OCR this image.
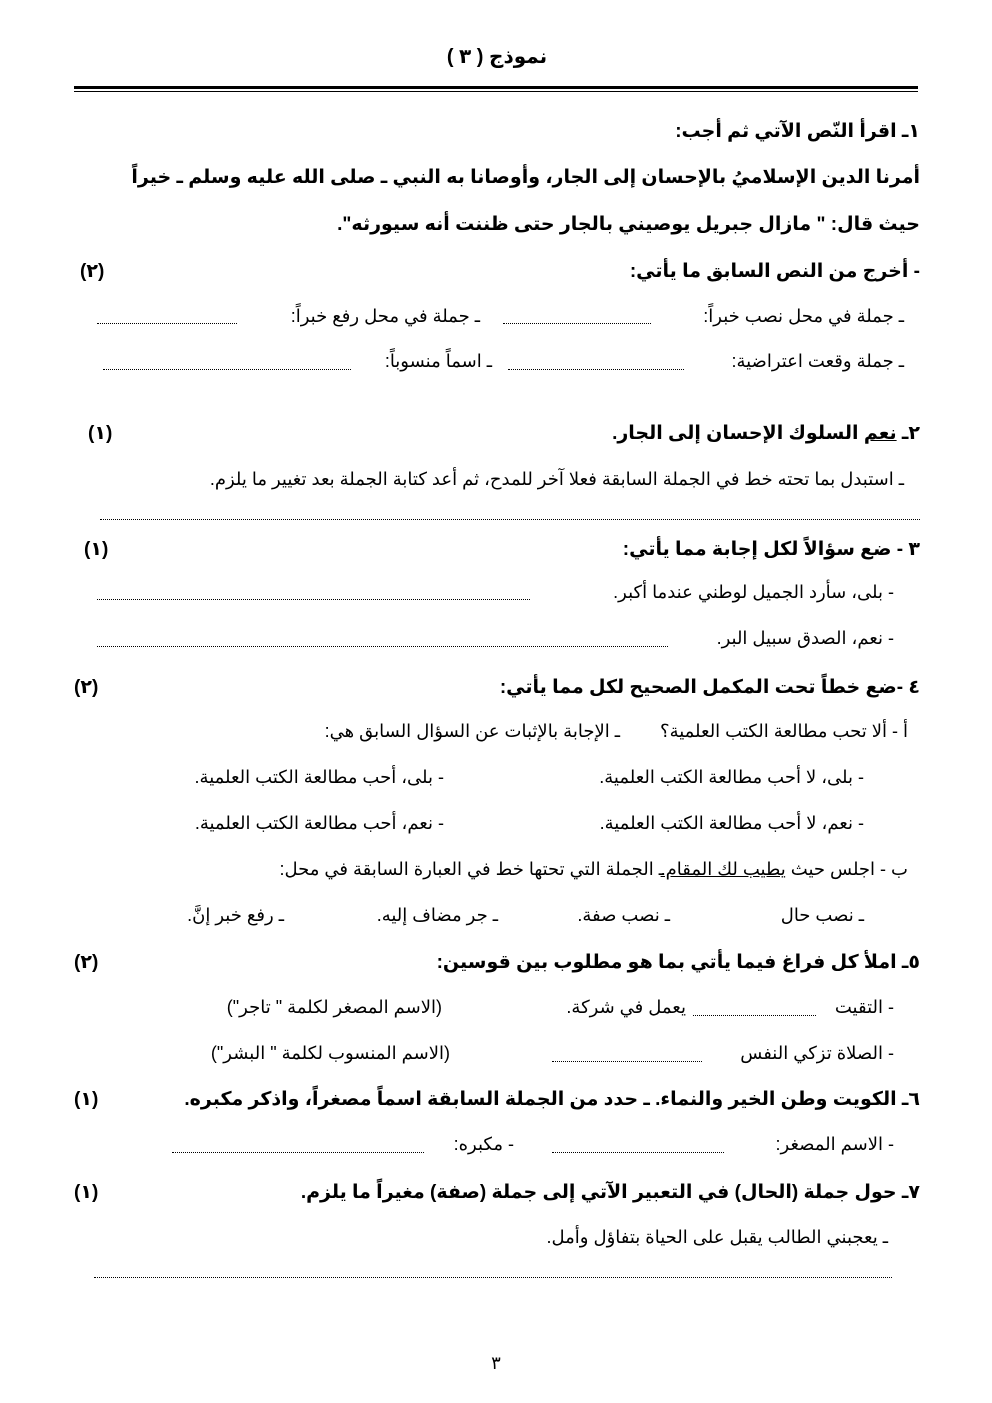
نموذج ( ٣ )
١ـ اقرأ النّص الآتي ثم أجب:
أمرنا الدين الإسلاميُ بالإحسان إلى الجار، وأوصانا به النبي ـ صلى الله عليه وسلم ـ خيراً
حيث قال: " مازال جبريل يوصيني بالجار حتى ظننت أنه سيورثه".
- أخرج من النص السابق ما يأتي:
(٢)
ـ جملة في محل نصب خبراً:
ـ جملة في محل رفع خبراً:
ـ جملة وقعت اعتراضية:
ـ اسماً منسوباً:
٢ـ نعم السلوك الإحسان إلى الجار.
(١)
ـ استبدل بما تحته خط في الجملة السابقة فعلا آخر للمدح، ثم أعد كتابة الجملة بعد تغيير ما يلزم.
٣ - ضع سؤالاً لكل إجابة مما يأتي:
(١)
- بلى، سأرد الجميل لوطني عندما أكبر.
- نعم، الصدق سبيل البر.
٤ -ضع خطاً تحت المكمل الصحيح لكل مما يأتي:
(٢)
أ - ألا تحب مطالعة الكتب العلمية؟
ـ الإجابة بالإثبات عن السؤال السابق هي:
- بلى، لا أحب مطالعة الكتب العلمية.
- بلى، أحب مطالعة الكتب العلمية.
- نعم، لا أحب مطالعة الكتب العلمية.
- نعم، أحب مطالعة الكتب العلمية.
ب - اجلس حيث يطيب لك المقام.
ـ الجملة التي تحتها خط في العبارة السابقة في محل:
ـ نصب حال
ـ نصب صفة.
ـ جر مضاف إليه.
ـ رفع خبر إنَّ.
٥ـ املأ كل فراغ فيما يأتي بما هو مطلوب بين قوسين:
(٢)
- التقيت
يعمل في شركة.
(الاسم المصغر لكلمة " تاجر")
- الصلاة تزكي النفس
(الاسم المنسوب لكلمة " البشر")
٦ـ الكويت وطن الخير والنماء. ـ حدد من الجملة السابقة اسماً مصغراً، واذكر مكبره.
(١)
- الاسم المصغر:
- مكبره:
٧ـ حول جملة (الحال) في التعبير الآتي إلى جملة (صفة) مغيراً ما يلزم.
(١)
ـ يعجبني الطالب يقبل على الحياة بتفاؤل وأمل.
٣
